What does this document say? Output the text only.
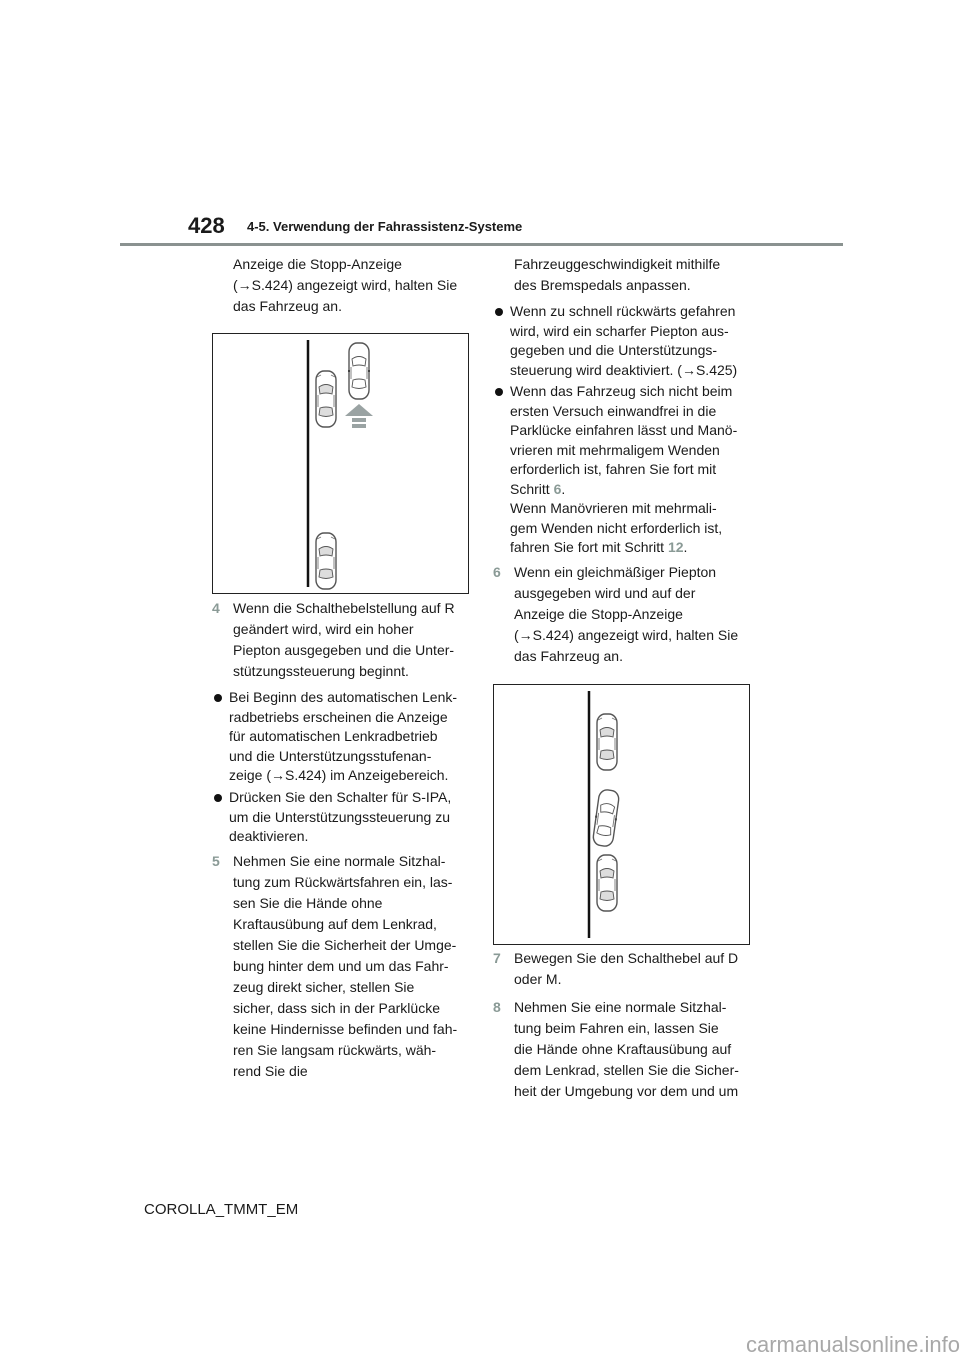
428 4-5. Verwendung der Fahrassistenz-Systeme
Anzeige die Stopp-Anzeige
(→S.424) angezeigt wird, halten Sie
das Fahrzeug an.
4 Wenn die Schalthebelstellung auf R
geändert wird, wird ein hoher
Piepton ausgegeben und die Unter-
stützungssteuerung beginnt.
Bei Beginn des automatischen Lenk-
radbetriebs erscheinen die Anzeige
für automatischen Lenkradbetrieb
und die Unterstützungsstufenan-
zeige (→S.424) im Anzeigebereich.
Drücken Sie den Schalter für S-IPA,
um die Unterstützungssteuerung zu
deaktivieren.
5 Nehmen Sie eine normale Sitzhal-
tung zum Rückwärtsfahren ein, las-
sen Sie die Hände ohne
Kraftausübung auf dem Lenkrad,
stellen Sie die Sicherheit der Umge-
bung hinter dem und um das Fahr-
zeug direkt sicher, stellen Sie
sicher, dass sich in der Parklücke
keine Hindernisse befinden und fah-
ren Sie langsam rückwärts, wäh-
rend Sie die
Fahrzeuggeschwindigkeit mithilfe
des Bremspedals anpassen.
Wenn zu schnell rückwärts gefahren
wird, wird ein scharfer Piepton aus-
gegeben und die Unterstützungs-
steuerung wird deaktiviert. (→S.425)
Wenn das Fahrzeug sich nicht beim
ersten Versuch einwandfrei in die
Parklücke einfahren lässt und Manö-
vrieren mit mehrmaligem Wenden
erforderlich ist, fahren Sie fort mit
Schritt 6.
Wenn Manövrieren mit mehrmali-
gem Wenden nicht erforderlich ist,
fahren Sie fort mit Schritt 12.
6 Wenn ein gleichmäßiger Piepton
ausgegeben wird und auf der
Anzeige die Stopp-Anzeige
(→S.424) angezeigt wird, halten Sie
das Fahrzeug an.
7 Bewegen Sie den Schalthebel auf D
oder M.
8 Nehmen Sie eine normale Sitzhal-
tung beim Fahren ein, lassen Sie
die Hände ohne Kraftausübung auf
dem Lenkrad, stellen Sie die Sicher-
heit der Umgebung vor dem und um
COROLLA_TMMT_EM
carmanualsonline.info
